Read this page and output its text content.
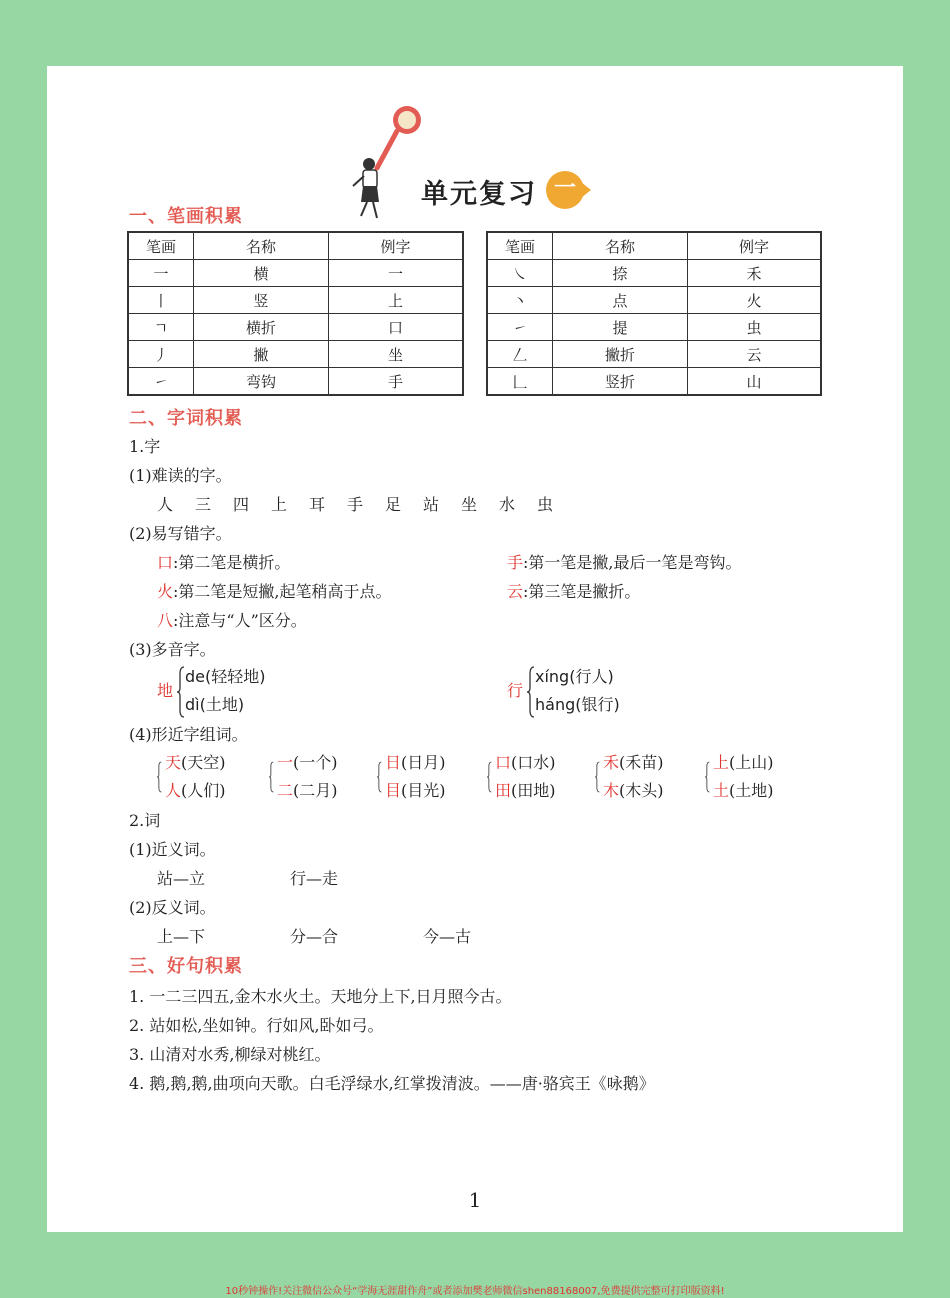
单元复习 一
一、笔画积累
笔画	名称	例字
一	横	一
丨	竖	上
ㄱ	横折	口
丿	撇	坐
㇀	弯钩	手
笔画	名称	例字
㇏	捺	禾
丶	点	火
㇀	提	虫
𠃋	撇折	云
𠃊	竖折	山
二、字词积累
1.字
(1)难读的字。
人 三 四 上 耳 手 足 站 坐 水 虫
(2)易写错字。
口:第二笔是横折。	手:第一笔是撇,最后一笔是弯钩。
火:第二笔是短撇,起笔稍高于点。	云:第三笔是撇折。
八:注意与“人”区分。
(3)多音字。
地
de(轻轻地)
dì(土地)
行
xíng(行人)
háng(银行)
(4)形近字组词。
天(天空)
人(人们)
一(一个)
二(二月)
日(日月)
目(目光)
口(口水)
田(田地)
禾(禾苗)
木(木头)
上(上山)
土(土地)
2.词
(1)近义词。
站—立	行—走
(2)反义词。
上—下	分—合	今—古
三、好句积累
1. 一二三四五,金木水火土。天地分上下,日月照今古。
2. 站如松,坐如钟。行如风,卧如弓。
3. 山清对水秀,柳绿对桃红。
4. 鹅,鹅,鹅,曲项向天歌。白毛浮绿水,红掌拨清波。——唐·骆宾王《咏鹅》
1
10秒钟操作!关注微信公众号“学海无涯甜作舟”或者添加樊老师微信shen88168007,免费提供完整可打印版资料!
